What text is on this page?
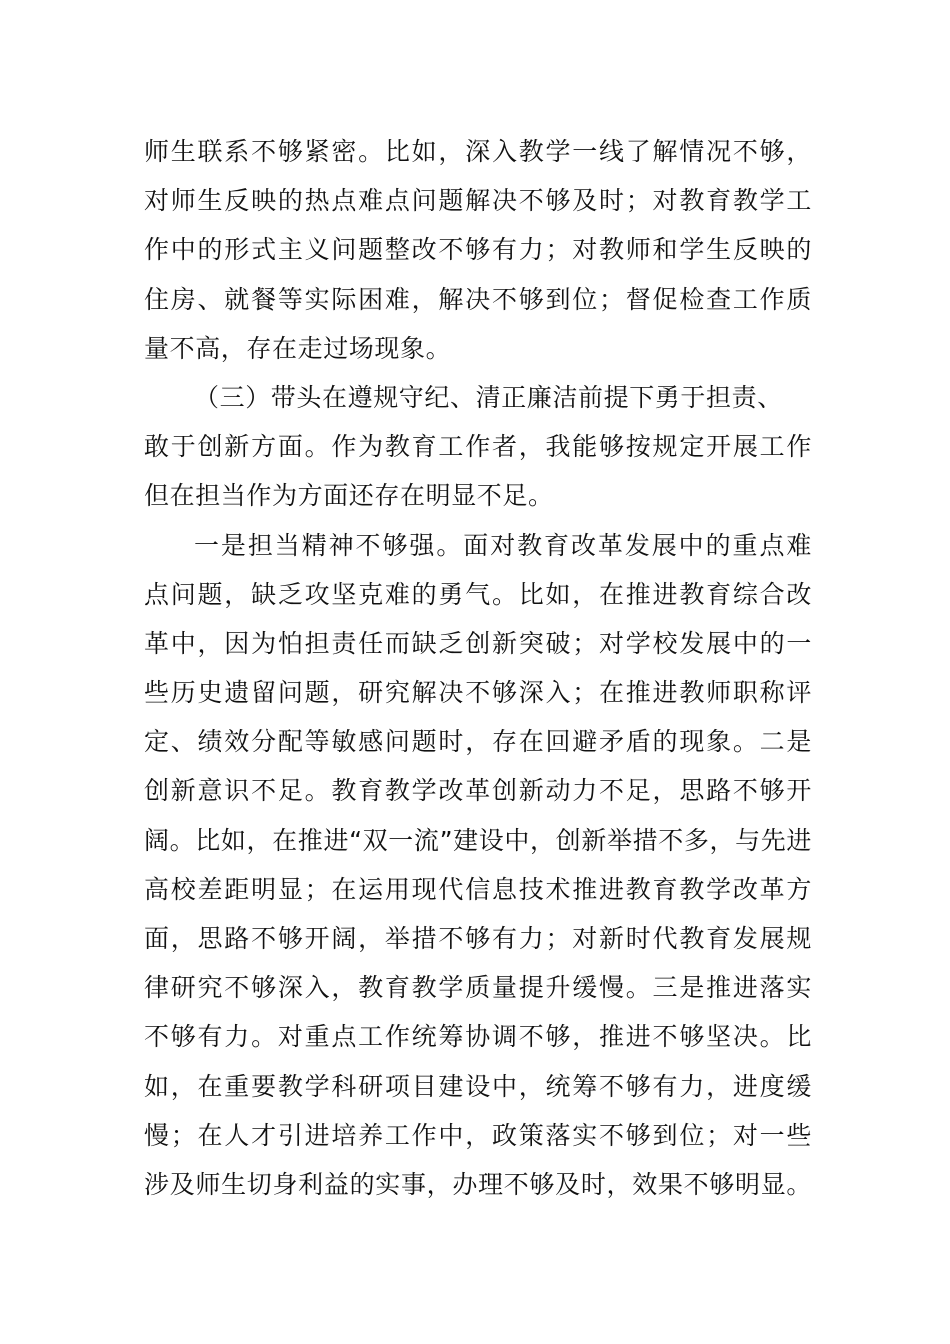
师生联系不够紧密。比如，深入教学一线了解情况不够，
对师生反映的热点难点问题解决不够及时；对教育教学工
作中的形式主义问题整改不够有力；对教师和学生反映的
住房、就餐等实际困难，解决不够到位；督促检查工作质
量不高，存在走过场现象。
（三）带头在遵规守纪、清正廉洁前提下勇于担责、
敢于创新方面。作为教育工作者，我能够按规定开展工作
但在担当作为方面还存在明显不足。
一是担当精神不够强。面对教育改革发展中的重点难
点问题，缺乏攻坚克难的勇气。比如，在推进教育综合改
革中，因为怕担责任而缺乏创新突破；对学校发展中的一
些历史遗留问题，研究解决不够深入；在推进教师职称评
定、绩效分配等敏感问题时，存在回避矛盾的现象。二是
创新意识不足。教育教学改革创新动力不足，思路不够开
阔。比如，在推进“双一流”建设中，创新举措不多，与先进
高校差距明显；在运用现代信息技术推进教育教学改革方
面，思路不够开阔，举措不够有力；对新时代教育发展规
律研究不够深入，教育教学质量提升缓慢。三是推进落实
不够有力。对重点工作统筹协调不够，推进不够坚决。比
如，在重要教学科研项目建设中，统筹不够有力，进度缓
慢；在人才引进培养工作中，政策落实不够到位；对一些
涉及师生切身利益的实事，办理不够及时，效果不够明显。
